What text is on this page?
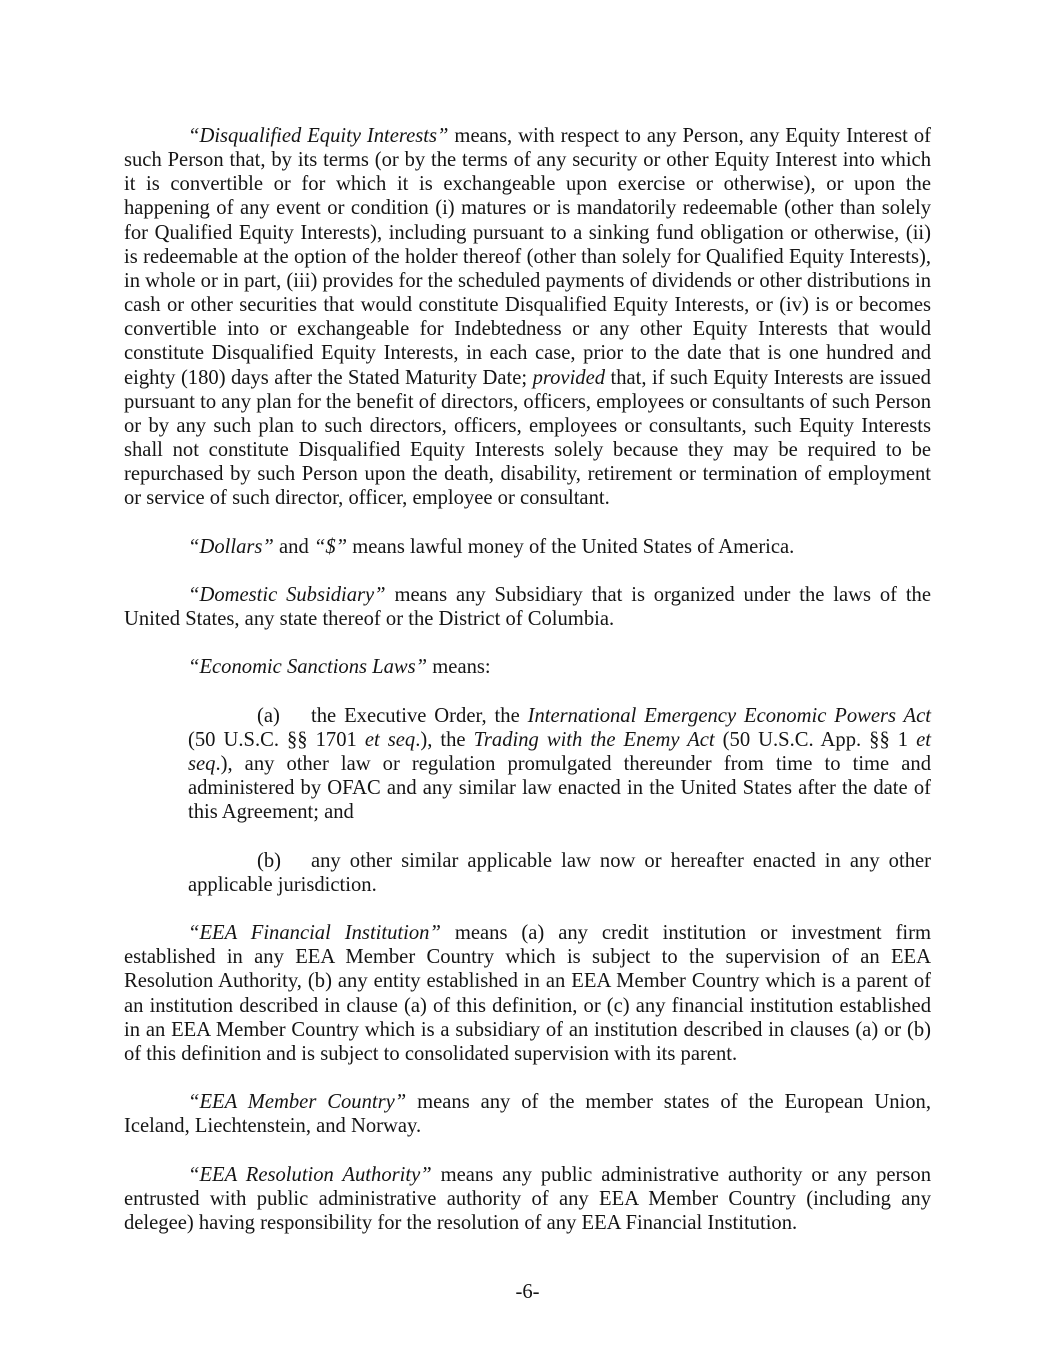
“Disqualified Equity Interests” means, with respect to any Person, any Equity Interest of such Person that, by its terms (or by the terms of any security or other Equity Interest into which it is convertible or for which it is exchangeable upon exercise or otherwise), or upon the happening of any event or condition (i) matures or is mandatorily redeemable (other than solely for Qualified Equity Interests), including pursuant to a sinking fund obligation or otherwise, (ii) is redeemable at the option of the holder thereof (other than solely for Qualified Equity Interests), in whole or in part, (iii) provides for the scheduled payments of dividends or other distributions in cash or other securities that would constitute Disqualified Equity Interests, or (iv) is or becomes convertible into or exchangeable for Indebtedness or any other Equity Interests that would constitute Disqualified Equity Interests, in each case, prior to the date that is one hundred and eighty (180) days after the Stated Maturity Date; provided that, if such Equity Interests are issued pursuant to any plan for the benefit of directors, officers, employees or consultants of such Person or by any such plan to such directors, officers, employees or consultants, such Equity Interests shall not constitute Disqualified Equity Interests solely because they may be required to be repurchased by such Person upon the death, disability, retirement or termination of employment or service of such director, officer, employee or consultant.

“Dollars” and “$” means lawful money of the United States of America.

“Domestic Subsidiary” means any Subsidiary that is organized under the laws of the United States, any state thereof or the District of Columbia.

“Economic Sanctions Laws” means:

(a) the Executive Order, the International Emergency Economic Powers Act (50 U.S.C. §§ 1701 et seq.), the Trading with the Enemy Act (50 U.S.C. App. §§ 1 et seq.), any other law or regulation promulgated thereunder from time to time and administered by OFAC and any similar law enacted in the United States after the date of this Agreement; and

(b) any other similar applicable law now or hereafter enacted in any other applicable jurisdiction.

“EEA Financial Institution” means (a) any credit institution or investment firm established in any EEA Member Country which is subject to the supervision of an EEA Resolution Authority, (b) any entity established in an EEA Member Country which is a parent of an institution described in clause (a) of this definition, or (c) any financial institution established in an EEA Member Country which is a subsidiary of an institution described in clauses (a) or (b) of this definition and is subject to consolidated supervision with its parent.

“EEA Member Country” means any of the member states of the European Union, Iceland, Liechtenstein, and Norway.

“EEA Resolution Authority” means any public administrative authority or any person entrusted with public administrative authority of any EEA Member Country (including any delegee) having responsibility for the resolution of any EEA Financial Institution.

-6-
